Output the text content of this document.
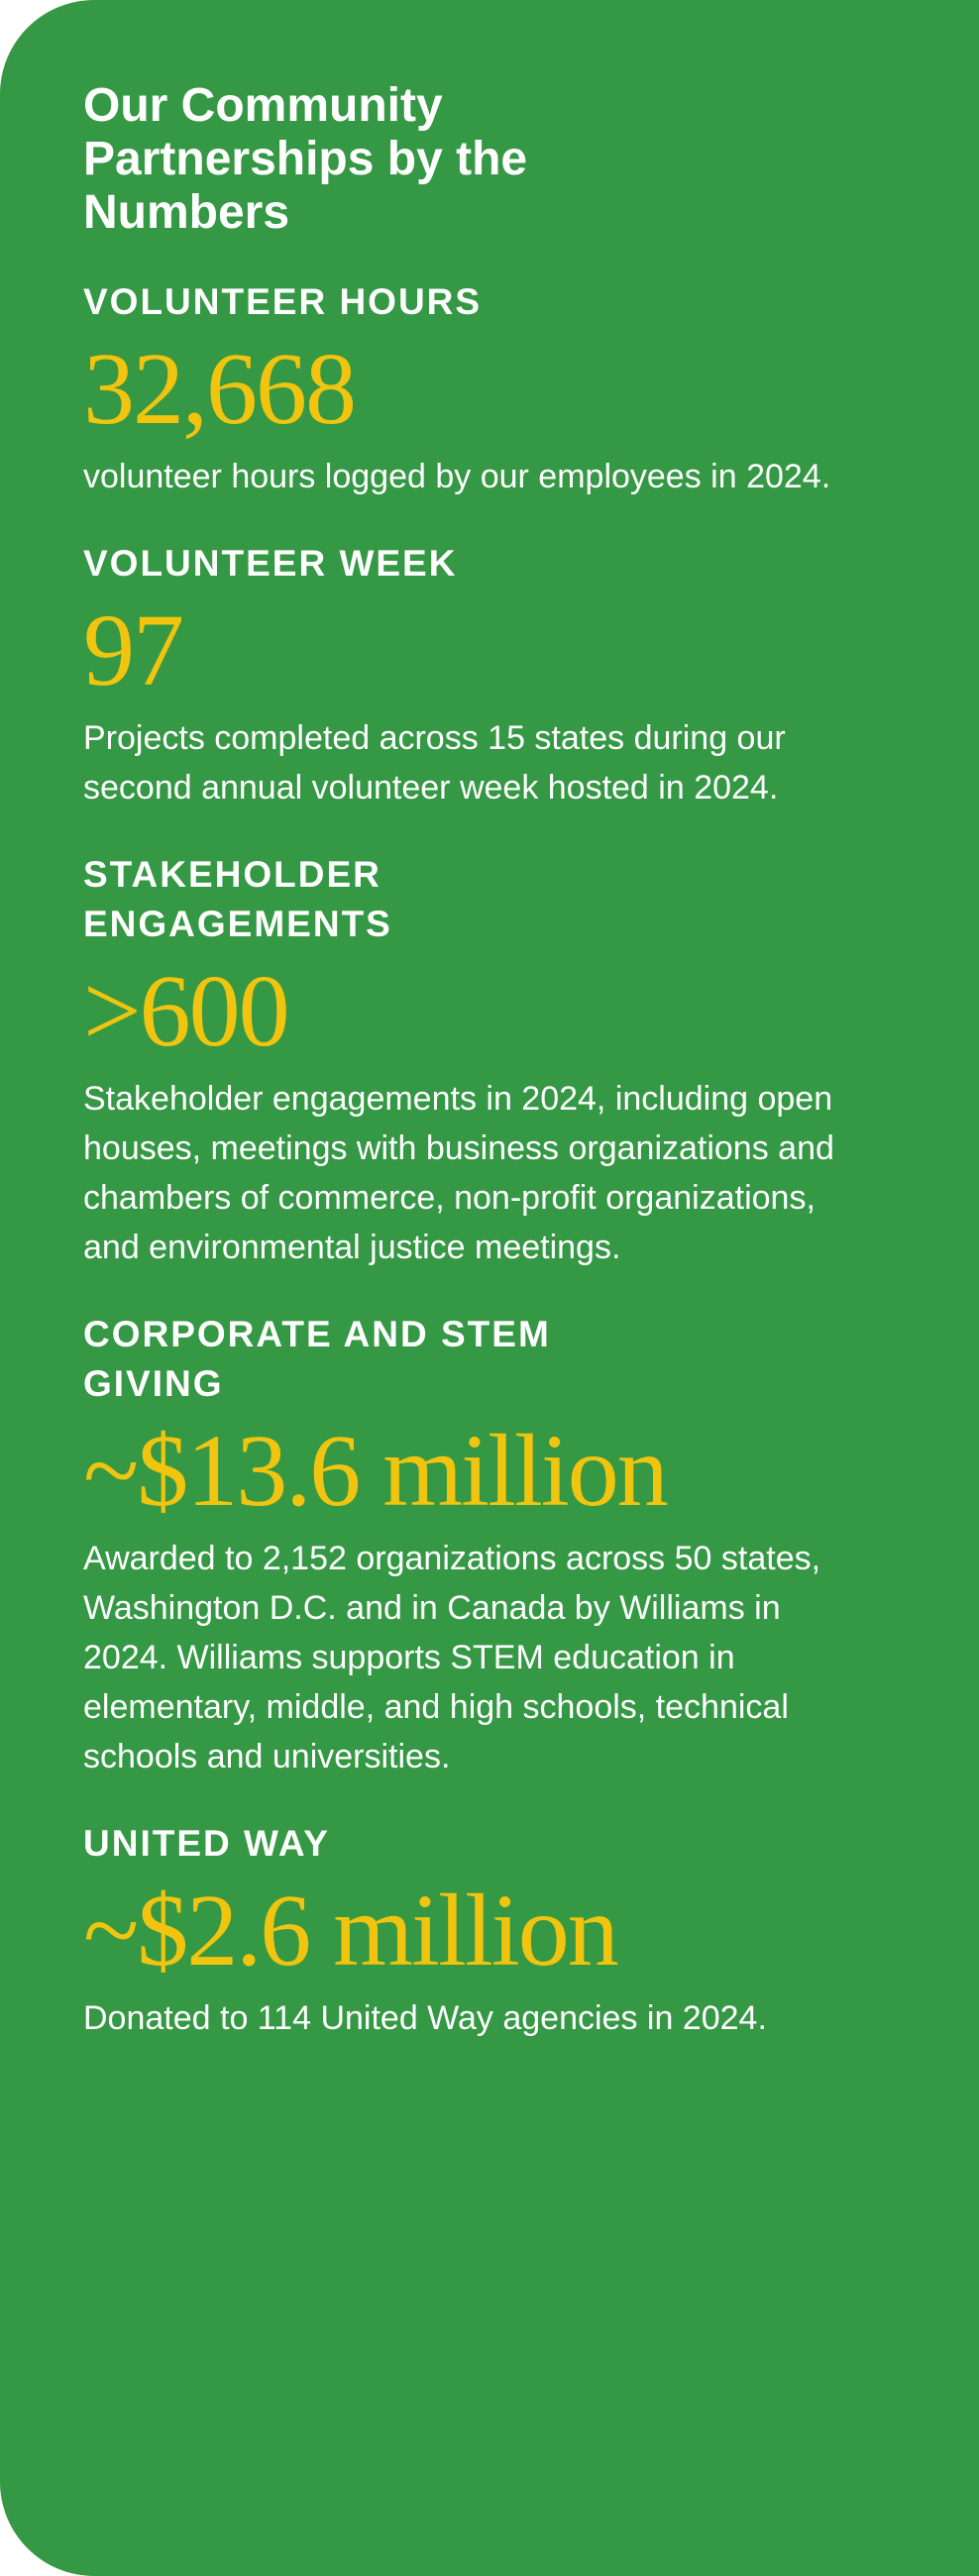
Our Community Partnerships by the Numbers
VOLUNTEER HOURS
32,668

volunteer hours logged by our employees in 2024.

VOLUNTEER WEEK
97

Projects completed across 15 states during our second annual volunteer week hosted in 2024.

STAKEHOLDER ENGAGEMENTS
>600

Stakeholder engagements in 2024, including open houses, meetings with business organizations and chambers of commerce, non-profit organizations, and environmental justice meetings.

CORPORATE AND STEM GIVING
~$13.6 million

Awarded to 2,152 organizations across 50 states, Washington D.C. and in Canada by Williams in 2024. Williams supports STEM education in elementary, middle, and high schools, technical schools and universities.

UNITED WAY
~$2.6 million

Donated to 114 United Way agencies in 2024.
